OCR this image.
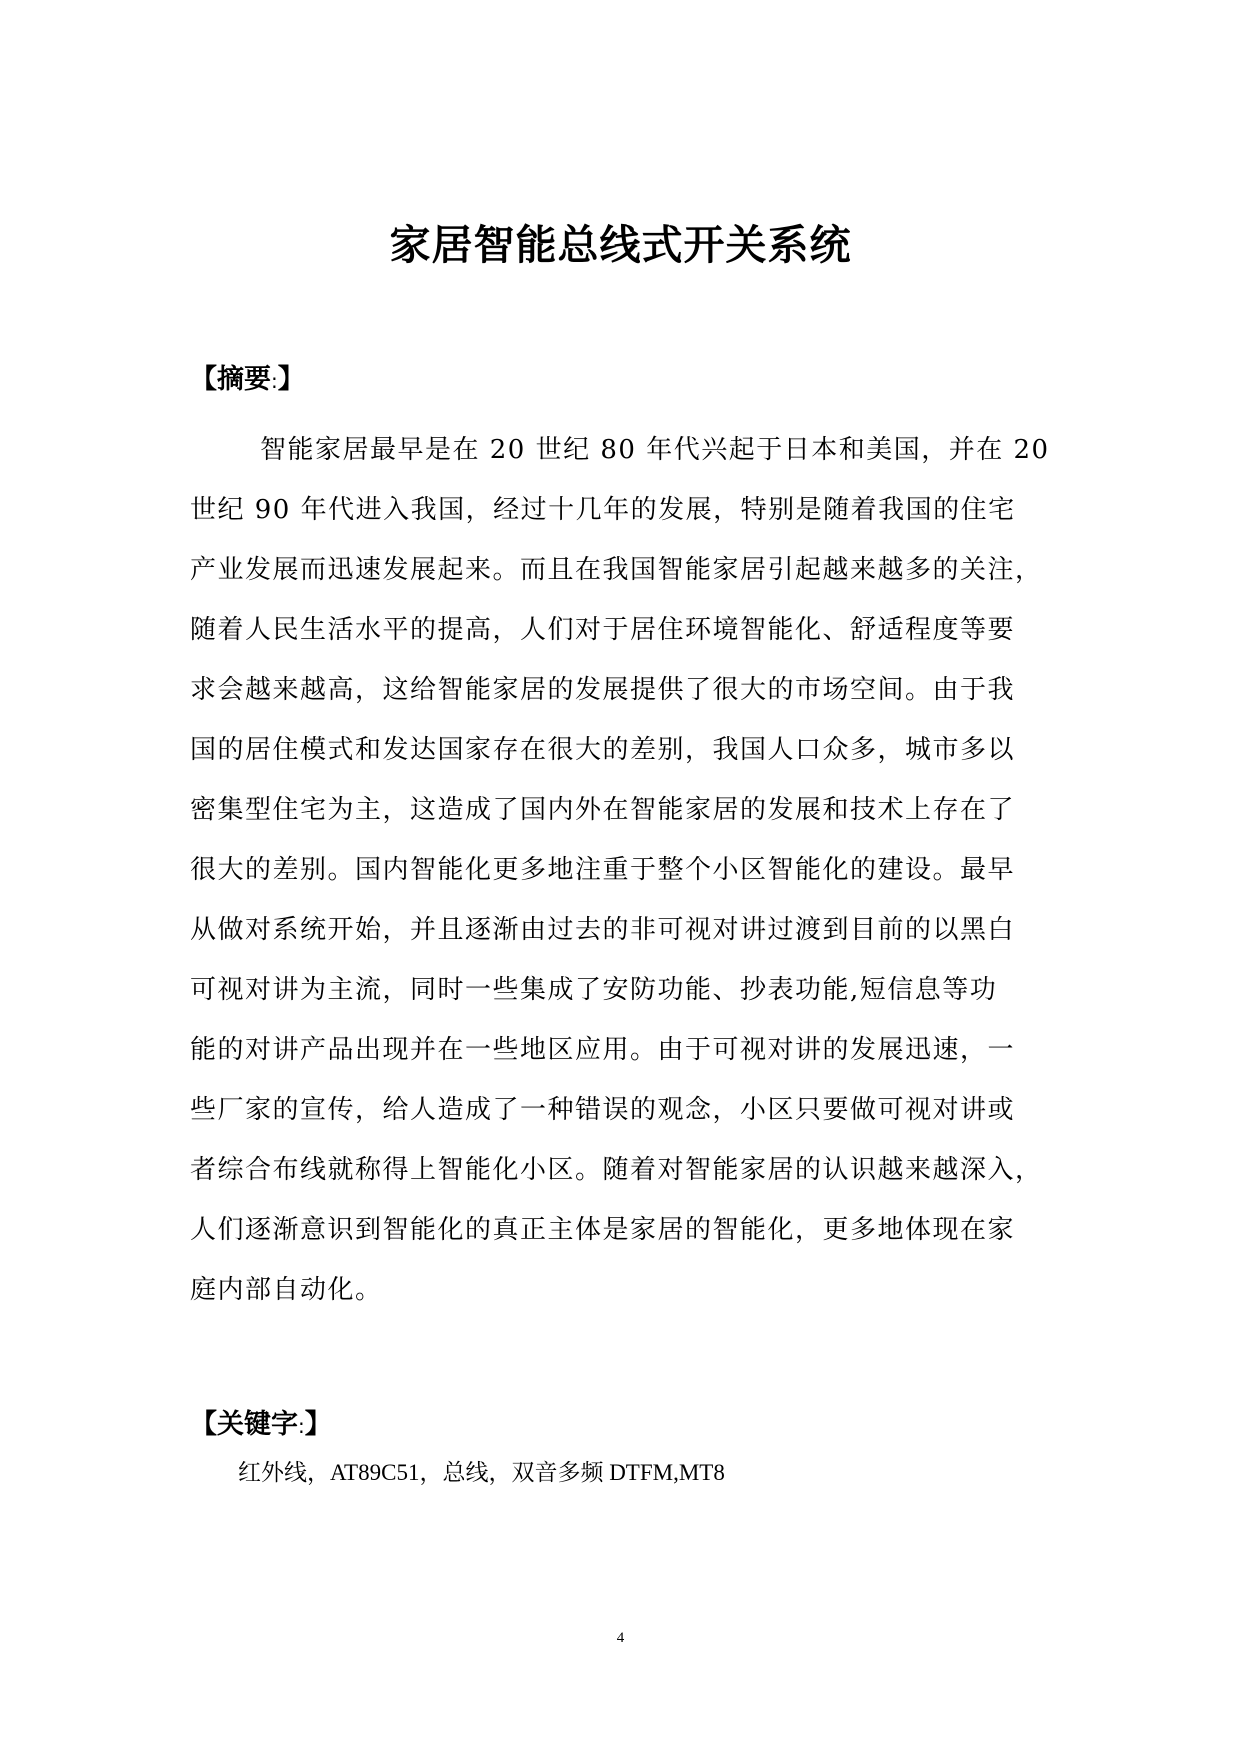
家居智能总线式开关系统
【摘要:】
智能家居最早是在 20 世纪 80 年代兴起于日本和美国，并在 20
世纪 90 年代进入我国，经过十几年的发展，特别是随着我国的住宅
产业发展而迅速发展起来。而且在我国智能家居引起越来越多的关注，
随着人民生活水平的提高，人们对于居住环境智能化、舒适程度等要
求会越来越高，这给智能家居的发展提供了很大的市场空间。由于我
国的居住模式和发达国家存在很大的差别，我国人口众多，城市多以
密集型住宅为主，这造成了国内外在智能家居的发展和技术上存在了
很大的差别。国内智能化更多地注重于整个小区智能化的建设。最早
从做对系统开始，并且逐渐由过去的非可视对讲过渡到目前的以黑白
可视对讲为主流，同时一些集成了安防功能、抄表功能,短信息等功
能的对讲产品出现并在一些地区应用。由于可视对讲的发展迅速，一
些厂家的宣传，给人造成了一种错误的观念，小区只要做可视对讲或
者综合布线就称得上智能化小区。随着对智能家居的认识越来越深入，
人们逐渐意识到智能化的真正主体是家居的智能化，更多地体现在家
庭内部自动化。
【关键字:】
红外线，AT89C51，总线，双音多频 DTFM,MT8
4
